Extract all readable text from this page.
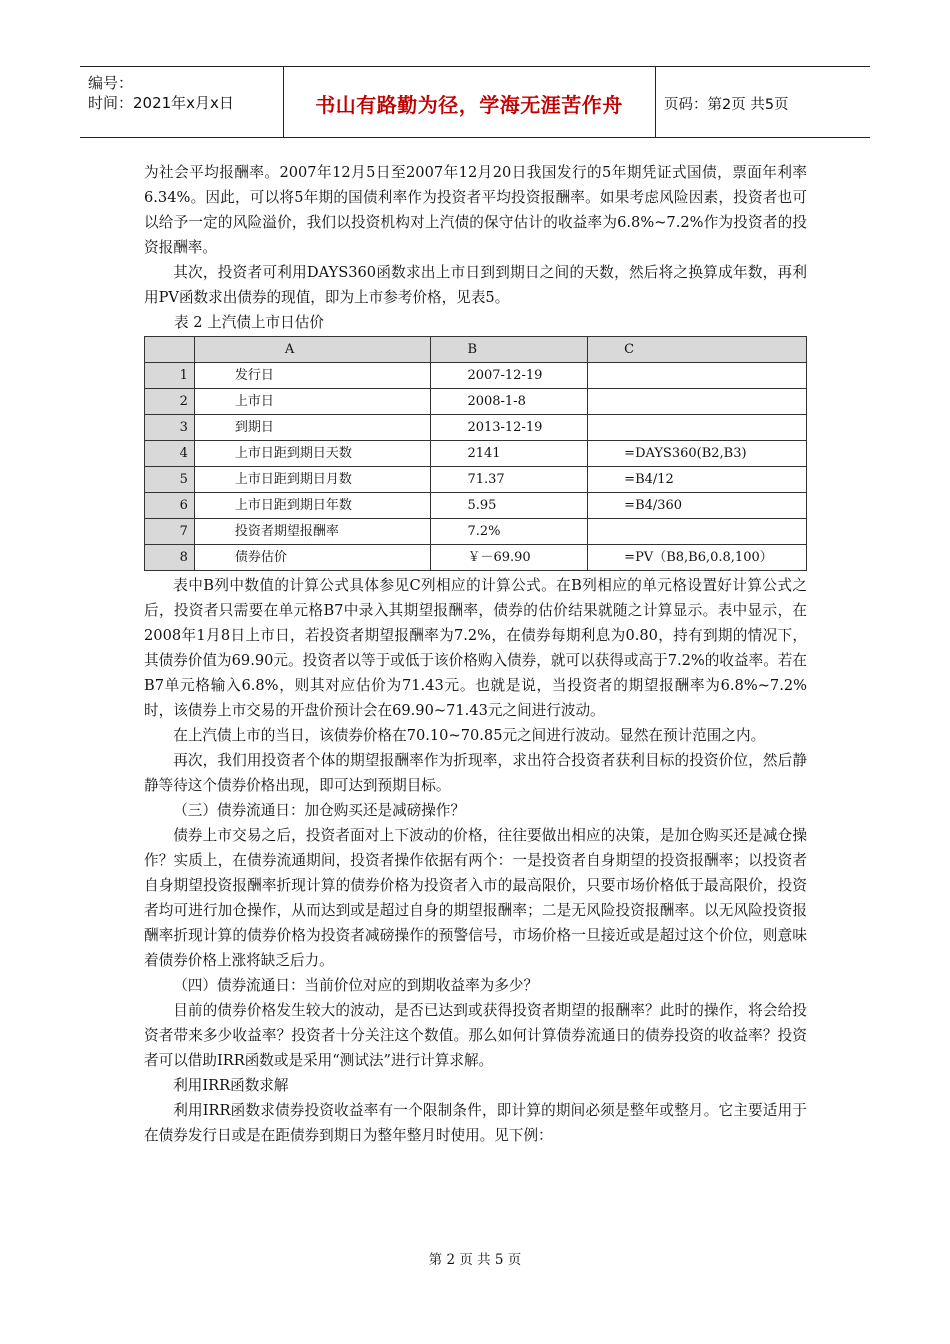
编号：
时间：2021年x月x日	书山有路勤为径，学海无涯苦作舟	页码：第2页 共5页

为社会平均报酬率。2007年12月5日至2007年12月20日我国发行的5年期凭证式国债，票面年利率6.34%。因此，可以将5年期的国债利率作为投资者平均投资报酬率。如果考虑风险因素，投资者也可以给予一定的风险溢价，我们以投资机构对上汽债的保守估计的收益率为6.8%~7.2%作为投资者的投资报酬率。

其次，投资者可利用DAYS360函数求出上市日到到期日之间的天数，然后将之换算成年数，再利用PV函数求出债券的现值，即为上市参考价格，见表5。

表 2 上汽债上市日估价

	A	B	C
1	发行日	2007-12-19	
2	上市日	2008-1-8	
3	到期日	2013-12-19	
4	上市日距到期日天数	2141	=DAYS360(B2,B3)
5	上市日距到期日月数	71.37	=B4/12
6	上市日距到期日年数	5.95	=B4/360
7	投资者期望报酬率	7.2%	
8	债券估价	￥－69.90	=PV（B8,B6,0.8,100）

表中B列中数值的计算公式具体参见C列相应的计算公式。在B列相应的单元格设置好计算公式之后，投资者只需要在单元格B7中录入其期望报酬率，债券的估价结果就随之计算显示。表中显示，在2008年1月8日上市日，若投资者期望报酬率为7.2%，在债券每期利息为0.80，持有到期的情况下，其债券价值为69.90元。投资者以等于或低于该价格购入债券，就可以获得或高于7.2%的收益率。若在B7单元格输入6.8%，则其对应估价为71.43元。也就是说，当投资者的期望报酬率为6.8%~7.2%时，该债券上市交易的开盘价预计会在69.90~71.43元之间进行波动。

在上汽债上市的当日，该债券价格在70.10~70.85元之间进行波动。显然在预计范围之内。

再次，我们用投资者个体的期望报酬率作为折现率，求出符合投资者获利目标的投资价位，然后静静等待这个债券价格出现，即可达到预期目标。

（三）债券流通日：加仓购买还是减磅操作？

债券上市交易之后，投资者面对上下波动的价格，往往要做出相应的决策，是加仓购买还是减仓操作？实质上，在债券流通期间，投资者操作依据有两个：一是投资者自身期望的投资报酬率；以投资者自身期望投资报酬率折现计算的债券价格为投资者入市的最高限价，只要市场价格低于最高限价，投资者均可进行加仓操作，从而达到或是超过自身的期望报酬率；二是无风险投资报酬率。以无风险投资报酬率折现计算的债券价格为投资者减磅操作的预警信号，市场价格一旦接近或是超过这个价位，则意味着债券价格上涨将缺乏后力。

（四）债券流通日：当前价位对应的到期收益率为多少？

目前的债券价格发生较大的波动，是否已达到或获得投资者期望的报酬率？此时的操作，将会给投资者带来多少收益率？投资者十分关注这个数值。那么如何计算债券流通日的债券投资的收益率？投资者可以借助IRR函数或是采用“测试法”进行计算求解。

利用IRR函数求解

利用IRR函数求债券投资收益率有一个限制条件，即计算的期间必须是整年或整月。它主要适用于在债券发行日或是在距债券到期日为整年整月时使用。见下例：

第 2 页 共 5 页
